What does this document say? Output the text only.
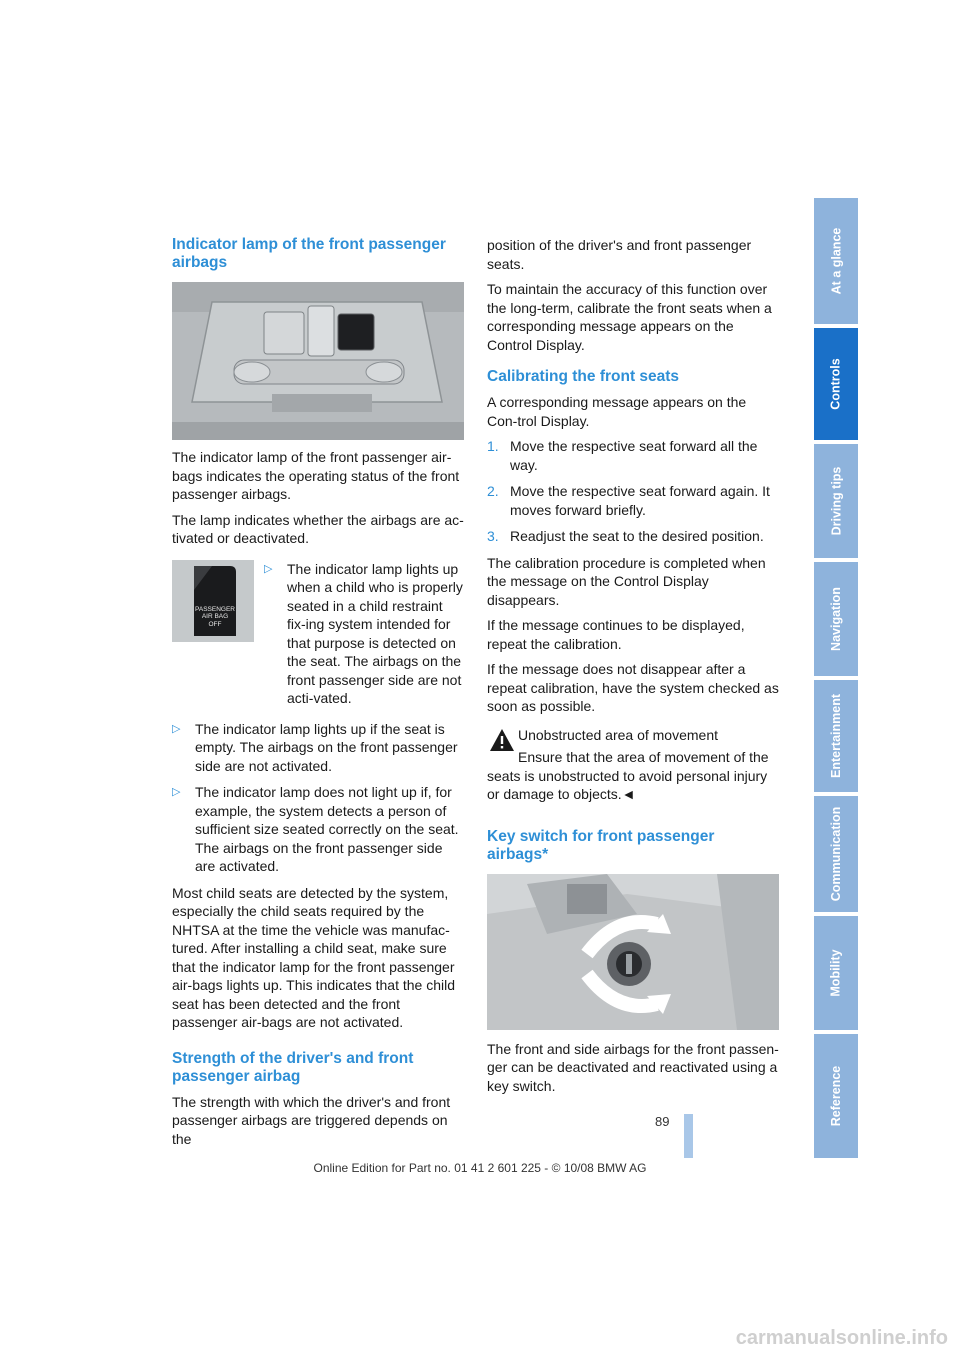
Indicator lamp of the front passenger airbags

The indicator lamp of the front passenger air-bags indicates the operating status of the front passenger airbags.

The lamp indicates whether the airbags are ac-tivated or deactivated.

PASSENGER
AIR BAG
OFF
▷	The indicator lamp lights up when a child who is properly seated in a child restraint fix-ing system intended for that purpose is detected on the seat. The airbags on the front passenger side are not acti-vated.
▷	The indicator lamp lights up if the seat is empty. The airbags on the front passenger side are not activated.
▷	The indicator lamp does not light up if, for example, the system detects a person of sufficient size seated correctly on the seat. The airbags on the front passenger side are activated.

Most child seats are detected by the system, especially the child seats required by the NHTSA at the time the vehicle was manufac-tured. After installing a child seat, make sure that the indicator lamp for the front passenger air-bags lights up. This indicates that the child seat has been detected and the front passenger air-bags are not activated.

Strength of the driver's and front passenger airbag

The strength with which the driver's and front passenger airbags are triggered depends on the

position of the driver's and front passenger seats.

To maintain the accuracy of this function over the long-term, calibrate the front seats when a corresponding message appears on the Control Display.

Calibrating the front seats

A corresponding message appears on the Con-trol Display.

1. Move the respective seat forward all the way.
2. Move the respective seat forward again. It moves forward briefly.
3. Readjust the seat to the desired position.

The calibration procedure is completed when the message on the Control Display disappears.

If the message continues to be displayed, repeat the calibration.

If the message does not disappear after a repeat calibration, have the system checked as soon as possible.

Unobstructed area of movement
Ensure that the area of movement of the
seats is unobstructed to avoid personal injury or damage to objects.◄
Key switch for front passenger airbags*

The front and side airbags for the front passen-ger can be deactivated and reactivated using a key switch.

At a glance
Controls
Driving tips
Navigation
Entertainment
Communication
Mobility
Reference
89
Online Edition for Part no. 01 41 2 601 225 - © 10/08 BMW AG
carmanualsonline.info
